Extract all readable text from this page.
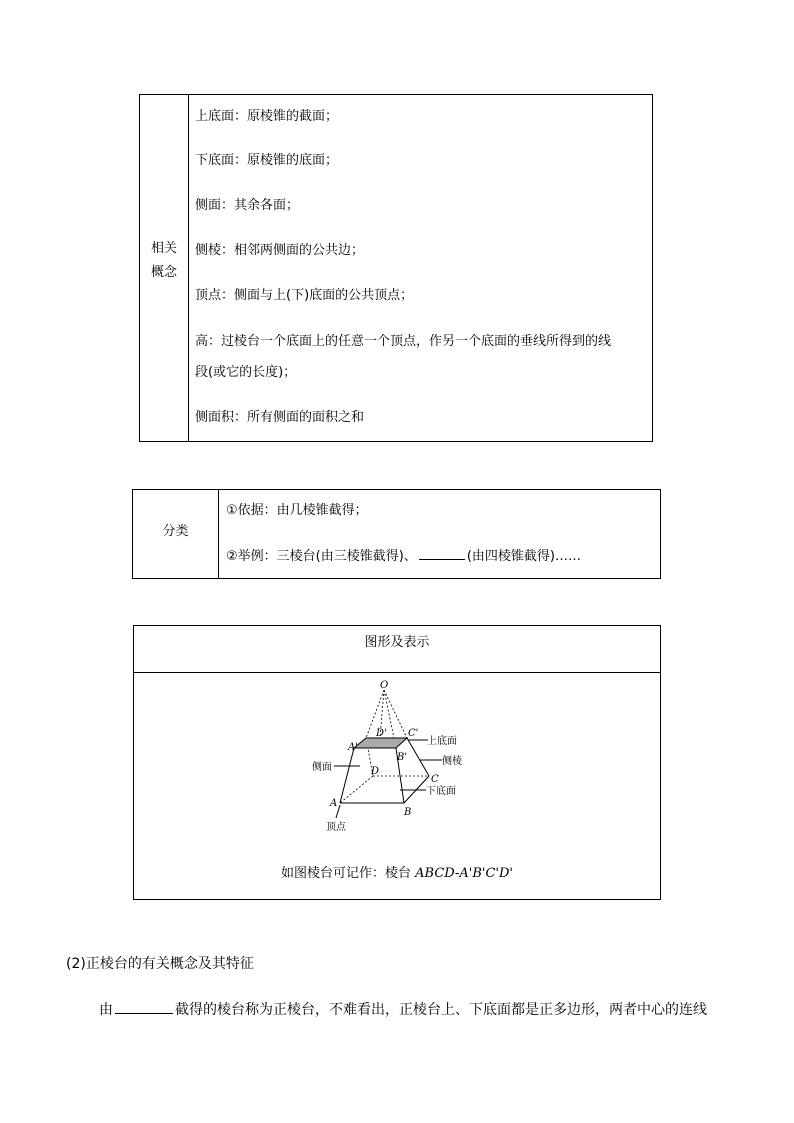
相关
概念
上底面：原棱锥的截面；
下底面：原棱锥的底面；
侧面：其余各面；
侧棱：相邻两侧面的公共边；
顶点：侧面与上(下)底面的公共顶点；
高：过棱台一个底面上的任意一个顶点，作另一个底面的垂线所得到的线
段(或它的长度)；
侧面积：所有侧面的面积之和
分类
①依据：由几棱锥截得；
②举例：三棱台(由三棱锥截得)、	(由四棱锥截得)……
图形及表示
O
D' C'
A'
B'
D
C
A
B
上底面
侧棱
侧面
下底面
顶点
如图棱台可记作：棱台 ABCD-A'B'C'D'
(2)正棱台的有关概念及其特征
由	截得的棱台称为正棱台，不难看出，正棱台上、下底面都是正多边形，两者中心的连线
